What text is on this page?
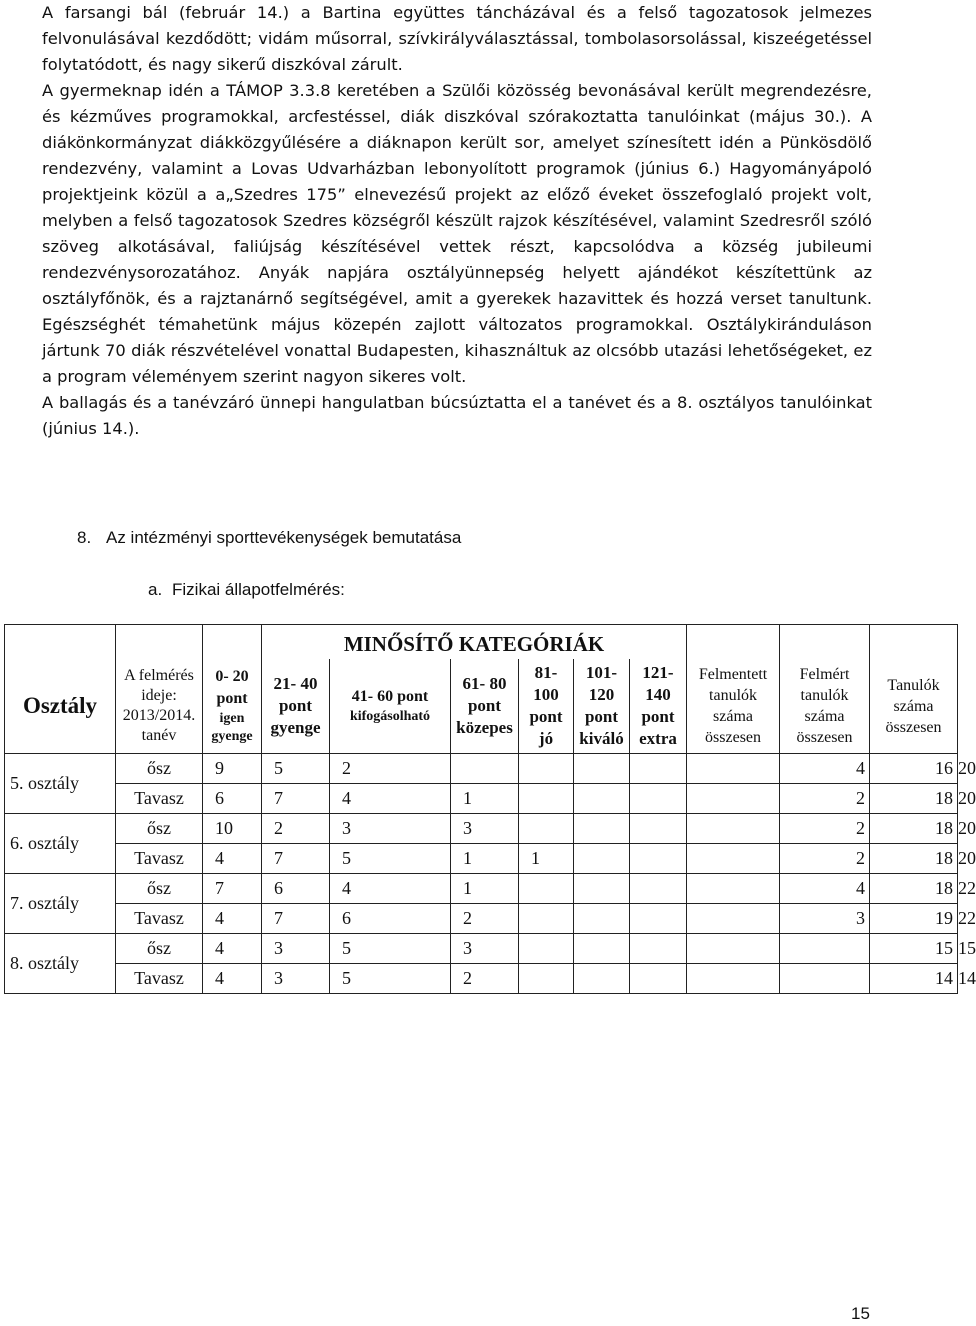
A farsangi bál (február 14.) a Bartina együttes táncházával és a felső tagozatosok jelmezes felvonulásával kezdődött; vidám műsorral, szívkirályválasztással, tombolasorsolással, kiszeégetéssel folytatódott, és nagy sikerű diszkóval zárult.

A gyermeknap idén a TÁMOP 3.3.8 keretében a Szülői közösség bevonásával került megrendezésre, és kézműves programokkal, arcfestéssel, diák diszkóval szórakoztatta tanulóinkat (május 30.). A diákönkormányzat diákközgyűlésére a diáknapon került sor, amelyet színesített idén a Pünkösdölő rendezvény, valamint a Lovas Udvarházban lebonyolított programok (június 6.) Hagyományápoló projektjeink közül a a„Szedres 175” elnevezésű projekt az előző éveket összefoglaló projekt volt, melyben a felső tagozatosok Szedres községről készült rajzok készítésével, valamint Szedresről szóló szöveg alkotásával, faliújság készítésével vettek részt, kapcsolódva a község jubileumi rendezvénysorozatához. Anyák napjára osztályünnepség helyett ajándékot készítettünk az osztályfőnök, és a rajztanárnő segítségével, amit a gyerekek hazavittek és hozzá verset tanultunk. Egészséghét témahetünk május közepén zajlott változatos programokkal. Osztálykiránduláson jártunk 70 diák részvételével vonattal Budapesten, kihasználtuk az olcsóbb utazási lehetőségeket, ez a program véleményem szerint nagyon sikeres volt.

A ballagás és a tanévzáró ünnepi hangulatban búcsúztatta el a tanévet és a 8. osztályos tanulóinkat (június 14.).

8. Az intézményi sporttevékenységek bemutatása
a. Fizikai állapotfelmérés:
			MINŐSÍTŐ KATEGÓRIÁK									
Osztály	A felmérés
ideje:
2013/2014.
tanév	0- 20
pont
igen
gyenge	21- 40
pont
gyenge	41- 60 pont
kifogásolható	61- 80
pont
közepes	81-
100
pont
jó	101-
120
pont
kiváló	121-
140
pont
extra	Felmentett
tanulók
száma
összesen	Felmért
tanulók
száma
összesen	Tanulók
száma
összesen	

5. osztály	ősz	9	5	2						4	16	20
	Tavasz	6	7	4	1					2	18	20
6. osztály	ősz	10	2	3	3					2	18	20
	Tavasz	4	7	5	1	1				2	18	20
7. osztály	ősz	7	6	4	1					4	18	22
	Tavasz	4	7	6	2					3	19	22
8. osztály	ősz	4	3	5	3						15	15
	Tavasz	4	3	5	2						14	14
15
